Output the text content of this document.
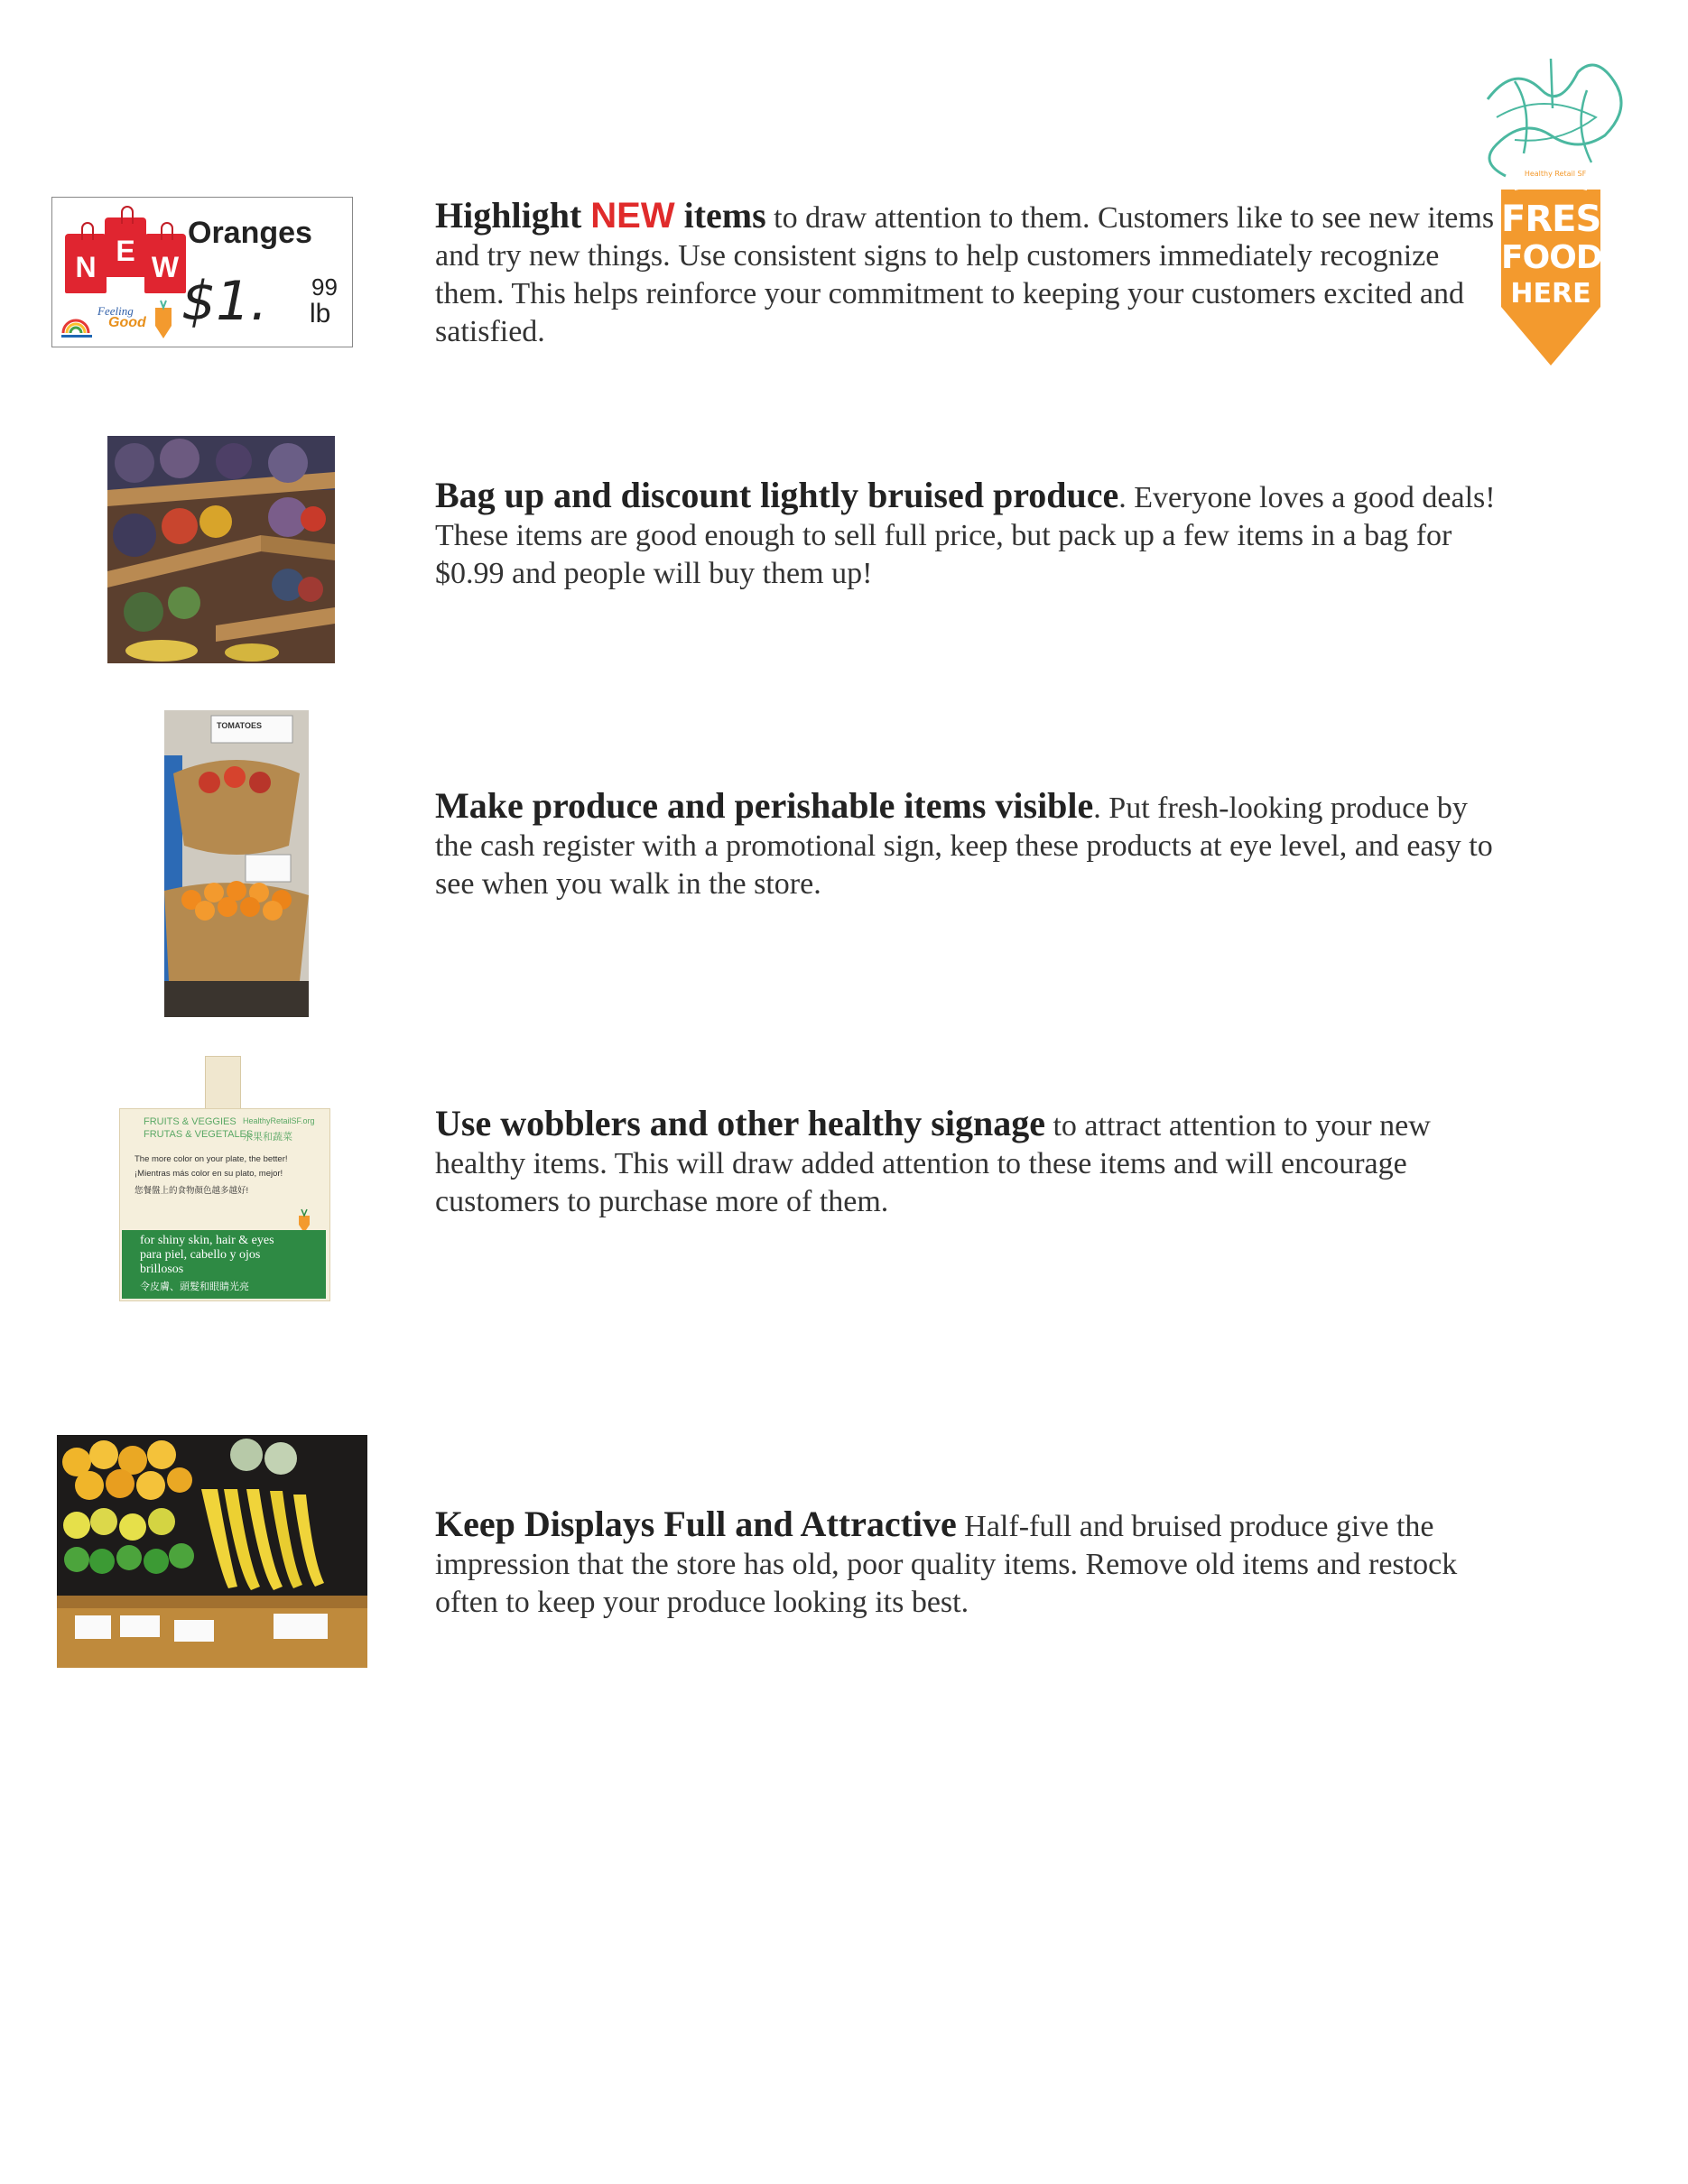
Healthy Retail SF
FRESH
FOODS
HERE
N E W
Oranges
$1. 99
lb
Feeling
Good
Highlight NEW items to draw attention to them. Customers like to see new items and try new things. Use consistent signs to help customers immediately recognize them. This helps reinforce your commitment to keeping your customers excited and satisfied.
Bag up and discount lightly bruised produce. Everyone loves a good deals! These items are good enough to sell full price, but pack up a few items in a bag for $0.99 and people will buy them up!
TOMATOES
Make produce and perishable items visible. Put fresh-looking produce by the cash register with a promotional sign, keep these products at eye level, and easy to see when you walk in the store.
FRUITS & VEGGIES
FRUTAS & VEGETALES
HealthyRetailSF.org
水果和蔬菜
The more color on your plate, the better!
¡Mientras más color en su plato, mejor!
您餐盤上的食物顏色越多越好!
for shiny skin, hair & eyes
para piel, cabello y ojos
brillosos
令皮膚、頭髮和眼睛光亮
Use wobblers and other healthy signage to attract attention to your new healthy items. This will draw added attention to these items and will encourage customers to purchase more of them.
Keep Displays Full and Attractive Half-full and bruised produce give the impression that the store has old, poor quality items. Remove old items and restock often to keep your produce looking its best.
